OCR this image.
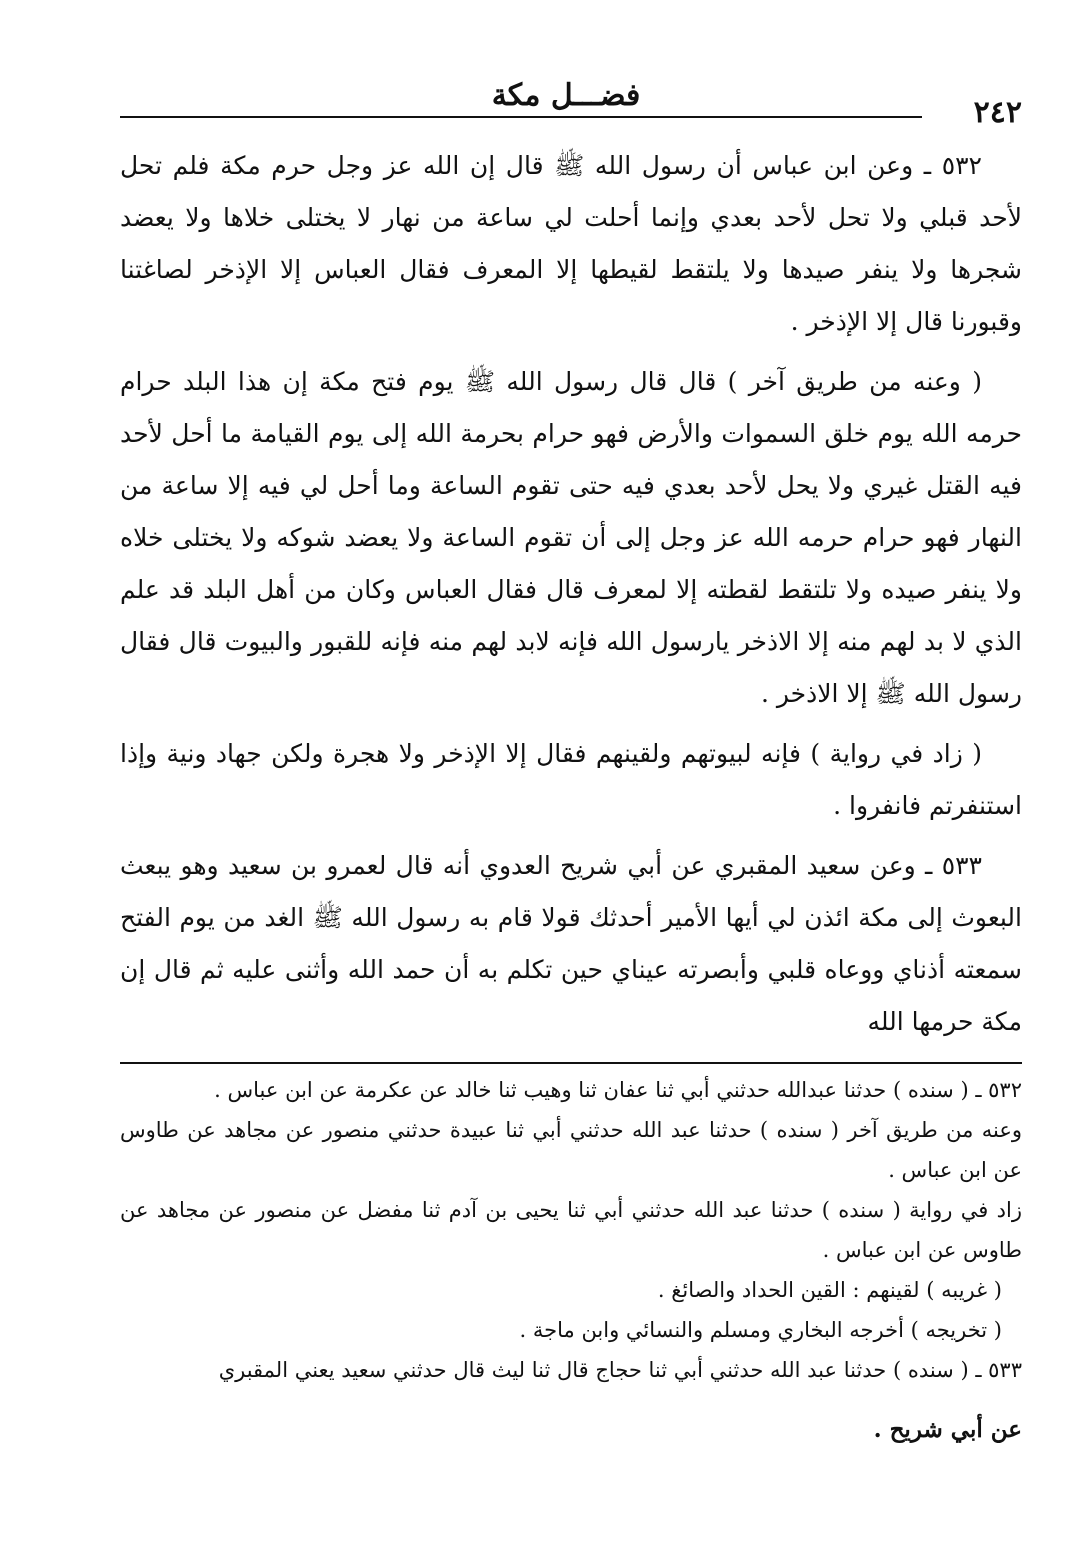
٢٤٢
فضـــل مكة

٥٣٢ ـ وعن ابن عباس أن رسول الله ﷺ قال إن الله عز وجل حرم مكة فلم تحل لأحد قبلي ولا تحل لأحد بعدي وإنما أحلت لي ساعة من نهار لا يختلى خلاها ولا يعضد شجرها ولا ينفر صيدها ولا يلتقط لقيطها إلا المعرف فقال العباس إلا الإذخر لصاغتنا وقبورنا قال إلا الإذخر .

( وعنه من طريق آخر ) قال قال رسول الله ﷺ يوم فتح مكة إن هذا البلد حرام حرمه الله يوم خلق السموات والأرض فهو حرام بحرمة الله إلى يوم القيامة ما أحل لأحد فيه القتل غيري ولا يحل لأحد بعدي فيه حتى تقوم الساعة وما أحل لي فيه إلا ساعة من النهار فهو حرام حرمه الله عز وجل إلى أن تقوم الساعة ولا يعضد شوكه ولا يختلى خلاه ولا ينفر صيده ولا تلتقط لقطته إلا لمعرف قال فقال العباس وكان من أهل البلد قد علم الذي لا بد لهم منه إلا الاذخر يارسول الله فإنه لابد لهم منه فإنه للقبور والبيوت قال فقال رسول الله ﷺ إلا الاذخر .

( زاد في رواية ) فإنه لبيوتهم ولقينهم فقال إلا الإذخر ولا هجرة ولكن جهاد ونية وإذا استنفرتم فانفروا .

٥٣٣ ـ وعن سعيد المقبري عن أبي شريح العدوي أنه قال لعمرو بن سعيد وهو يبعث البعوث إلى مكة ائذن لي أيها الأمير أحدثك قولا قام به رسول الله ﷺ الغد من يوم الفتح سمعته أذناي ووعاه قلبي وأبصرته عيناي حين تكلم به أن حمد الله وأثنى عليه ثم قال إن مكة حرمها الله

٥٣٢ ـ ( سنده ) حدثنا عبدالله حدثني أبي ثنا عفان ثنا وهيب ثنا خالد عن عكرمة عن ابن عباس .

وعنه من طريق آخر ( سنده ) حدثنا عبد الله حدثني أبي ثنا عبيدة حدثني منصور عن مجاهد عن طاوس عن ابن عباس .

زاد في رواية ( سنده ) حدثنا عبد الله حدثني أبي ثنا يحيى بن آدم ثنا مفضل عن منصور عن مجاهد عن طاوس عن ابن عباس .

( غريبه ) لقينهم : القين الحداد والصائغ .

( تخريجه ) أخرجه البخاري ومسلم والنسائي وابن ماجة .

٥٣٣ ـ ( سنده ) حدثنا عبد الله حدثني أبي ثنا حجاج قال ثنا ليث قال حدثني سعيد يعني المقبري

عن أبي شريح .
